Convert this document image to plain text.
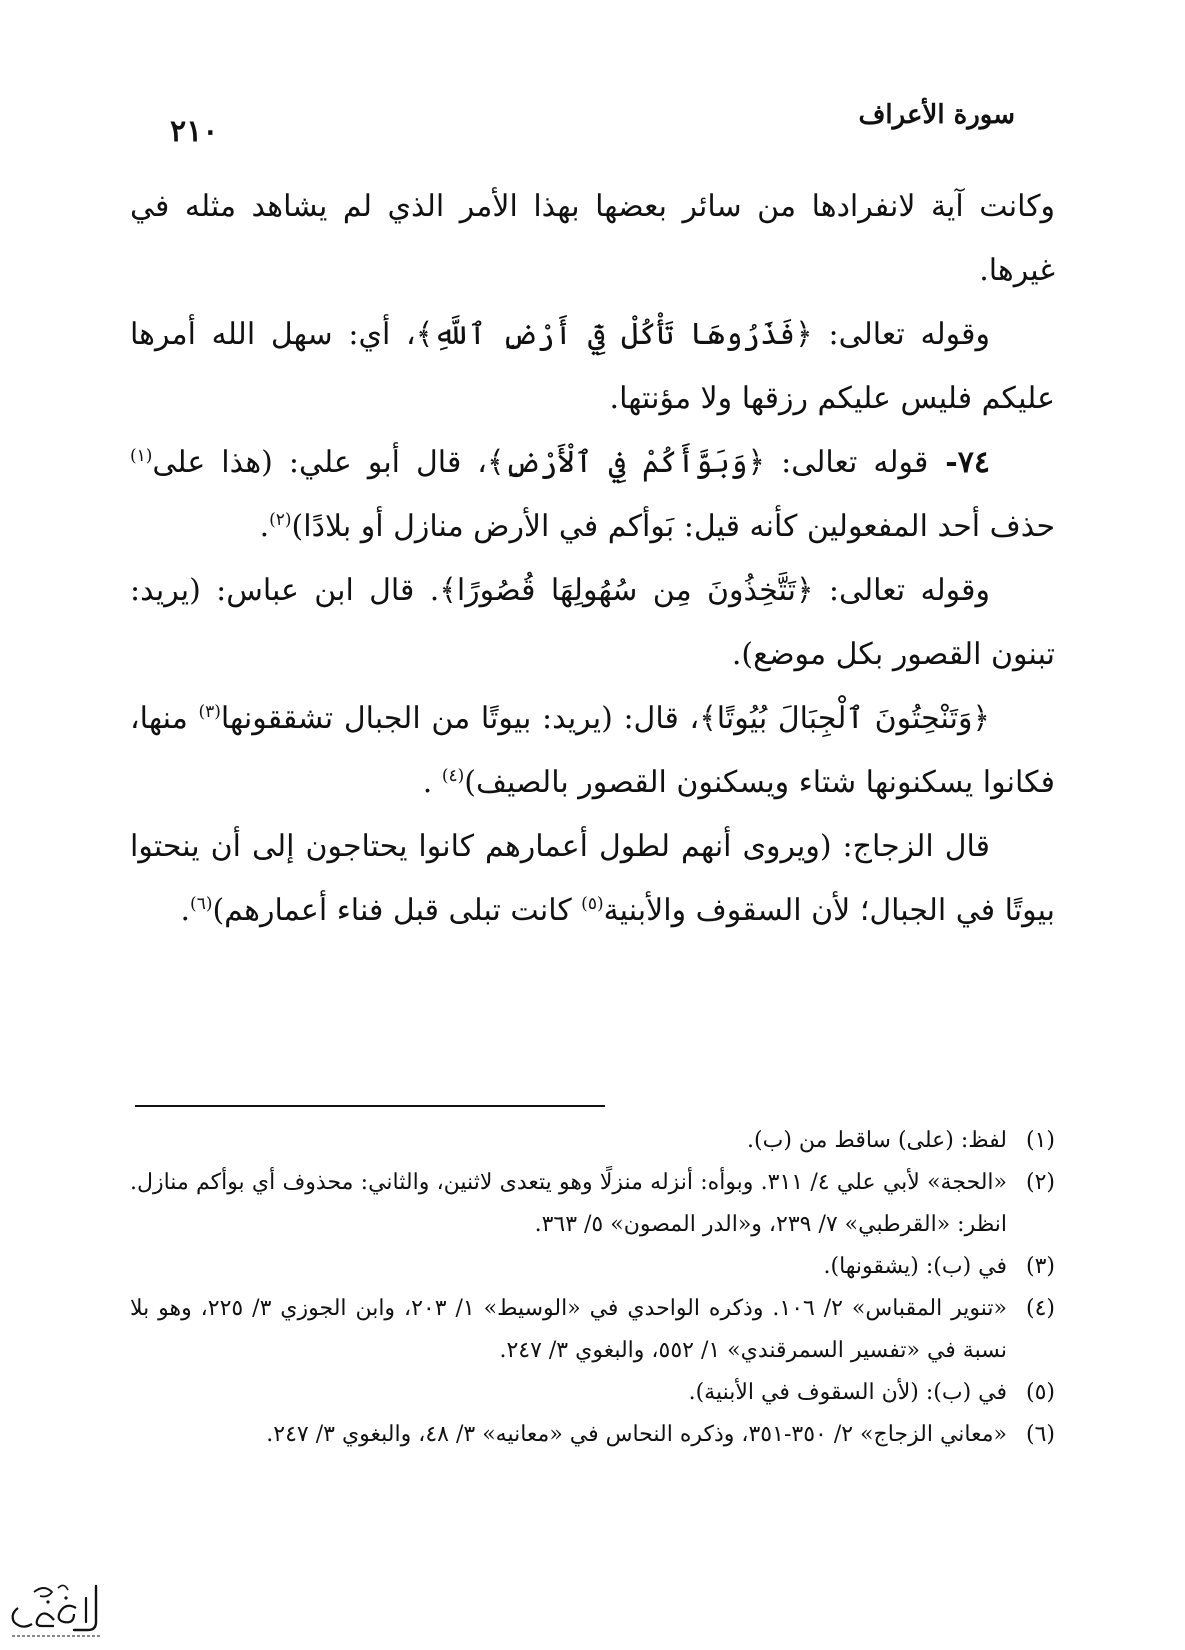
سورة الأعراف
٢١٠

وكانت آية لانفرادها من سائر بعضها بهذا الأمر الذي لم يشاهد مثله في غيرها.

وقوله تعالى: ﴿فَذَرُوهَا تَأْكُلْ فِيٓ أَرْضِ ٱللَّهِ﴾، أي: سهل الله أمرها عليكم فليس عليكم رزقها ولا مؤنتها.

٧٤- قوله تعالى: ﴿وَبَوَّأَكُمْ فِي ٱلْأَرْضِ﴾، قال أبو علي: (هذا على$^{(١)}$ حذف أحد المفعولين كأنه قيل: بَوأكم في الأرض منازل أو بلادًا)$^{(٢)}$.

وقوله تعالى: ﴿تَتَّخِذُونَ مِن سُهُولِهَا قُصُورًا﴾. قال ابن عباس: (يريد: تبنون القصور بكل موضع).

﴿وَتَنْحِتُونَ ٱلْجِبَالَ بُيُوتًا﴾، قال: (يريد: بيوتًا من الجبال تشققونها$^{(٣)}$ منها، فكانوا يسكنونها شتاء ويسكنون القصور بالصيف)$^{(٤)}$ .

قال الزجاج: (ويروى أنهم لطول أعمارهم كانوا يحتاجون إلى أن ينحتوا بيوتًا في الجبال؛ لأن السقوف والأبنية$^{(٥)}$ كانت تبلى قبل فناء أعمارهم)$^{(٦)}$.

(١)
لفظ: (على) ساقط من (ب).
(٢)
«الحجة» لأبي علي ٤/ ٣١١. وبوأه: أنزله منزلًا وهو يتعدى لاثنين، والثاني: محذوف أي بوأكم منازل. انظر: «القرطبي» ٧/ ٢٣٩، و«الدر المصون» ٥/ ٣٦٣.
(٣)
في (ب): (يشقونها).
(٤)
«تنوير المقباس» ٢/ ١٠٦. وذكره الواحدي في «الوسيط» ١/ ٢٠٣، وابن الجوزي ٣/ ٢٢٥، وهو بلا نسبة في «تفسير السمرقندي» ١/ ٥٥٢، والبغوي ٣/ ٢٤٧.
(٥)
في (ب): (لأن السقوف في الأبنية).
(٦)
«معاني الزجاج» ٢/ ٣٥٠-٣٥١، وذكره النحاس في «معانيه» ٣/ ٤٨، والبغوي ٣/ ٢٤٧.
